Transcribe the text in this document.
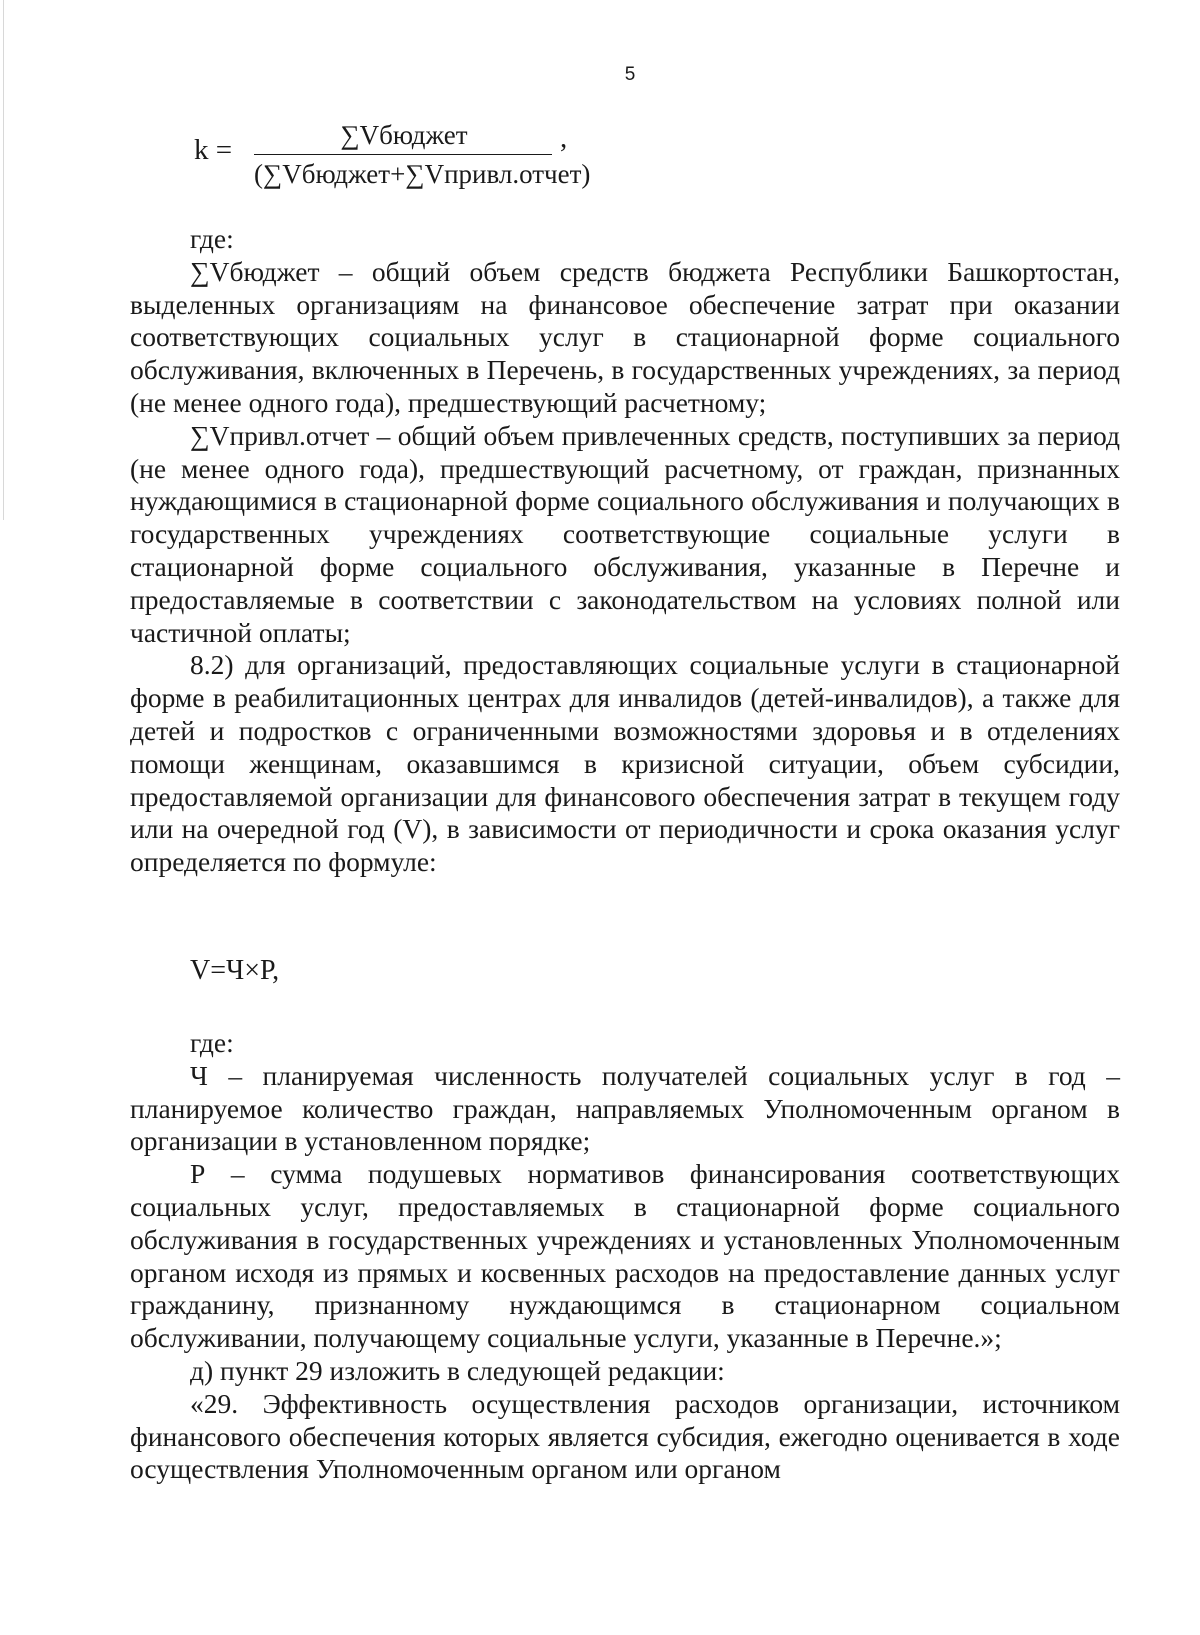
5
k =	∑Vбюджет
(∑Vбюджет+∑Vпривл.отчет)
,

где:

∑Vбюджет – общий объем средств бюджета Республики Башкортостан, выделенных организациям на финансовое обеспечение затрат при оказании соответствующих социальных услуг в стационарной форме социального обслуживания, включенных в Перечень, в государственных учреждениях, за период (не менее одного года), предшествующий расчетному;

∑Vпривл.отчет – общий объем привлеченных средств, поступивших за период (не менее одного года), предшествующий расчетному, от граждан, признанных нуждающимися в стационарной форме социального обслуживания и получающих в государственных учреждениях соответствующие социальные услуги в стационарной форме социального обслуживания, указанные в Перечне и предоставляемые в соответствии с законодательством на условиях полной или частичной оплаты;

8.2) для организаций, предоставляющих социальные услуги в стационарной форме в реабилитационных центрах для инвалидов (детей-инвалидов), а также для детей и подростков с ограниченными возможностями здоровья и в отделениях помощи женщинам, оказавшимся в кризисной ситуации, объем субсидии, предоставляемой организации для финансового обеспечения затрат в текущем году или на очередной год (V), в зависимости от периодичности и срока оказания услуг определяется по формуле:

V=Ч×Р,

где:

Ч – планируемая численность получателей социальных услуг в год – планируемое количество граждан, направляемых Уполномоченным органом в организации в установленном порядке;

Р – сумма подушевых нормативов финансирования соответствующих социальных услуг, предоставляемых в стационарной форме социального обслуживания в государственных учреждениях и установленных Уполномоченным органом исходя из прямых и косвенных расходов на предоставление данных услуг гражданину, признанному нуждающимся в стационарном социальном обслуживании, получающему социальные услуги, указанные в Перечне.»;

д) пункт 29 изложить в следующей редакции:

«29. Эффективность осуществления расходов организации, источником финансового обеспечения которых является субсидия, ежегодно оценивается в ходе осуществления Уполномоченным органом или органом
